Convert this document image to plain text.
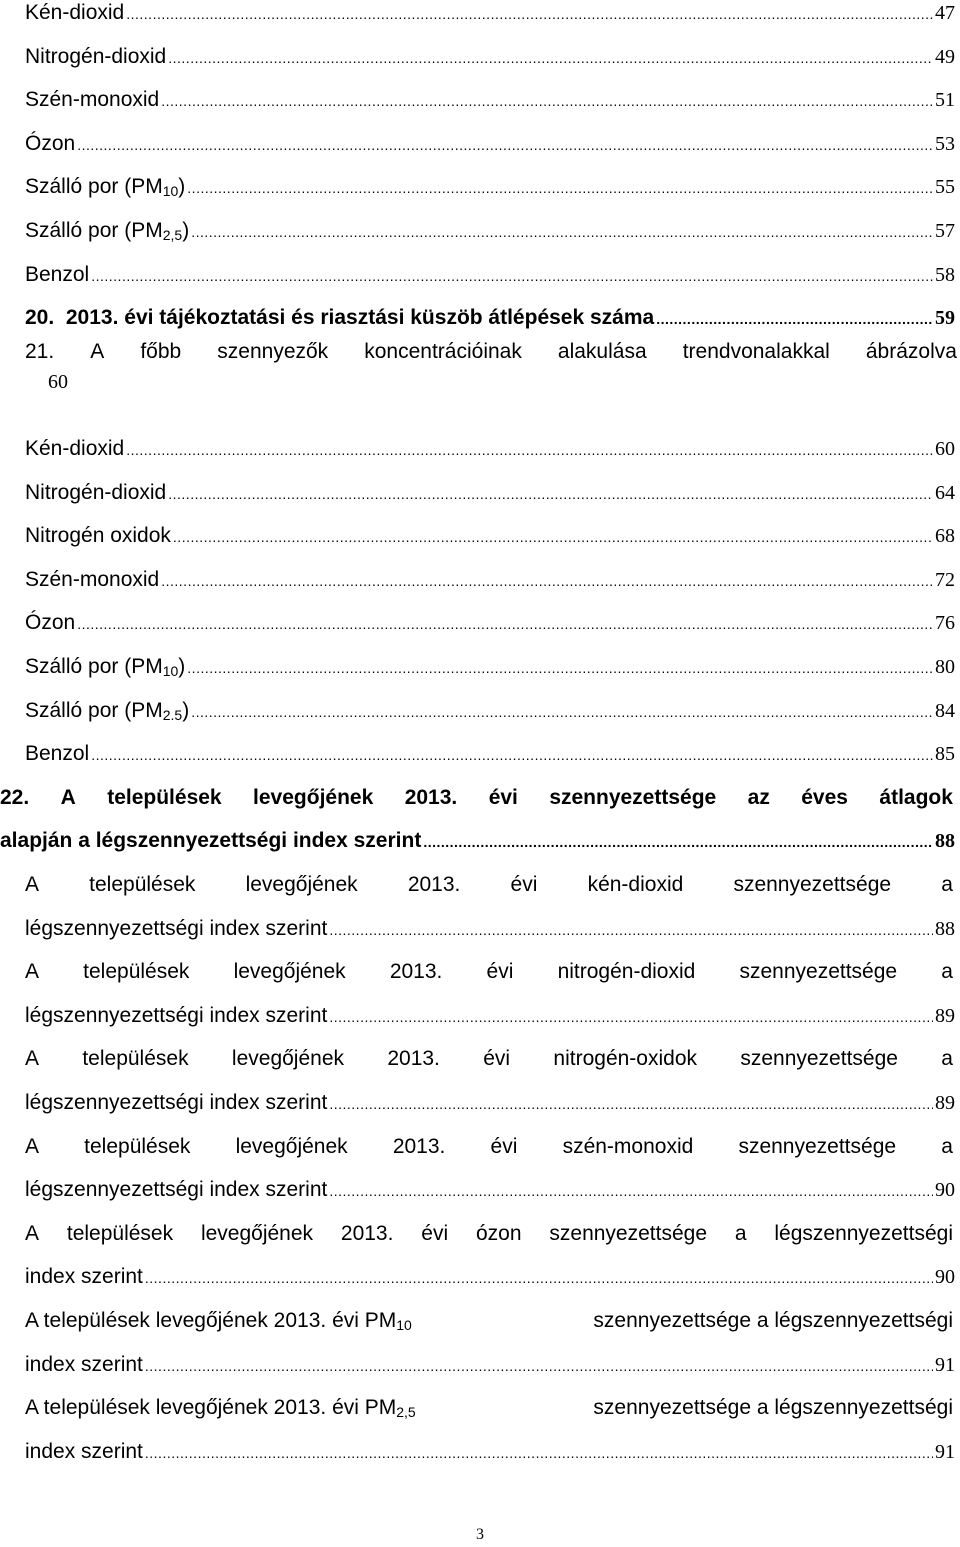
Kén-dioxid .....	47
Nitrogén-dioxid .....	49
Szén-monoxid .....	51
Ózon .....	53
Szálló por $(PM_{10})$ .....	55
Szálló por $(PM_{2,5})$ .....	57
Benzol .....	58
20.  2013. évi tájékoztatási és riasztási küszöb átlépések száma .....	59
21. A főbb szennyezők koncentrációinak alakulása trendvonalakkal ábrázolva
60
Kén-dioxid .....	60
Nitrogén-dioxid .....	64
Nitrogén oxidok .....	68
Szén-monoxid .....	72
Ózon .....	76
Szálló por $(PM_{10})$ .....	80
Szálló por $(PM_{2.5})$ .....	84
Benzol .....	85
22. A települések levegőjének 2013. évi szennyezettsége az éves átlagok
alapján a légszennyezettségi index szerint .....	88
A települések levegőjének 2013. évi kén-dioxid szennyezettsége a
légszennyezettségi index szerint .....	88
A települések levegőjének 2013. évi nitrogén-dioxid szennyezettsége a
légszennyezettségi index szerint .....	89
A települések levegőjének 2013. évi nitrogén-oxidok szennyezettsége a
légszennyezettségi index szerint .....	89
A települések levegőjének 2013. évi szén-monoxid szennyezettsége a
légszennyezettségi index szerint .....	90
A települések levegőjének 2013. évi ózon szennyezettsége a légszennyezettségi
index szerint .....	90
A települések levegőjének 2013. évi $PM_{10}$	szennyezettsége a légszennyezettségi
index szerint .....	91
A települések levegőjének 2013. évi $PM_{2,5}$	szennyezettsége a légszennyezettségi
index szerint .....	91
3
